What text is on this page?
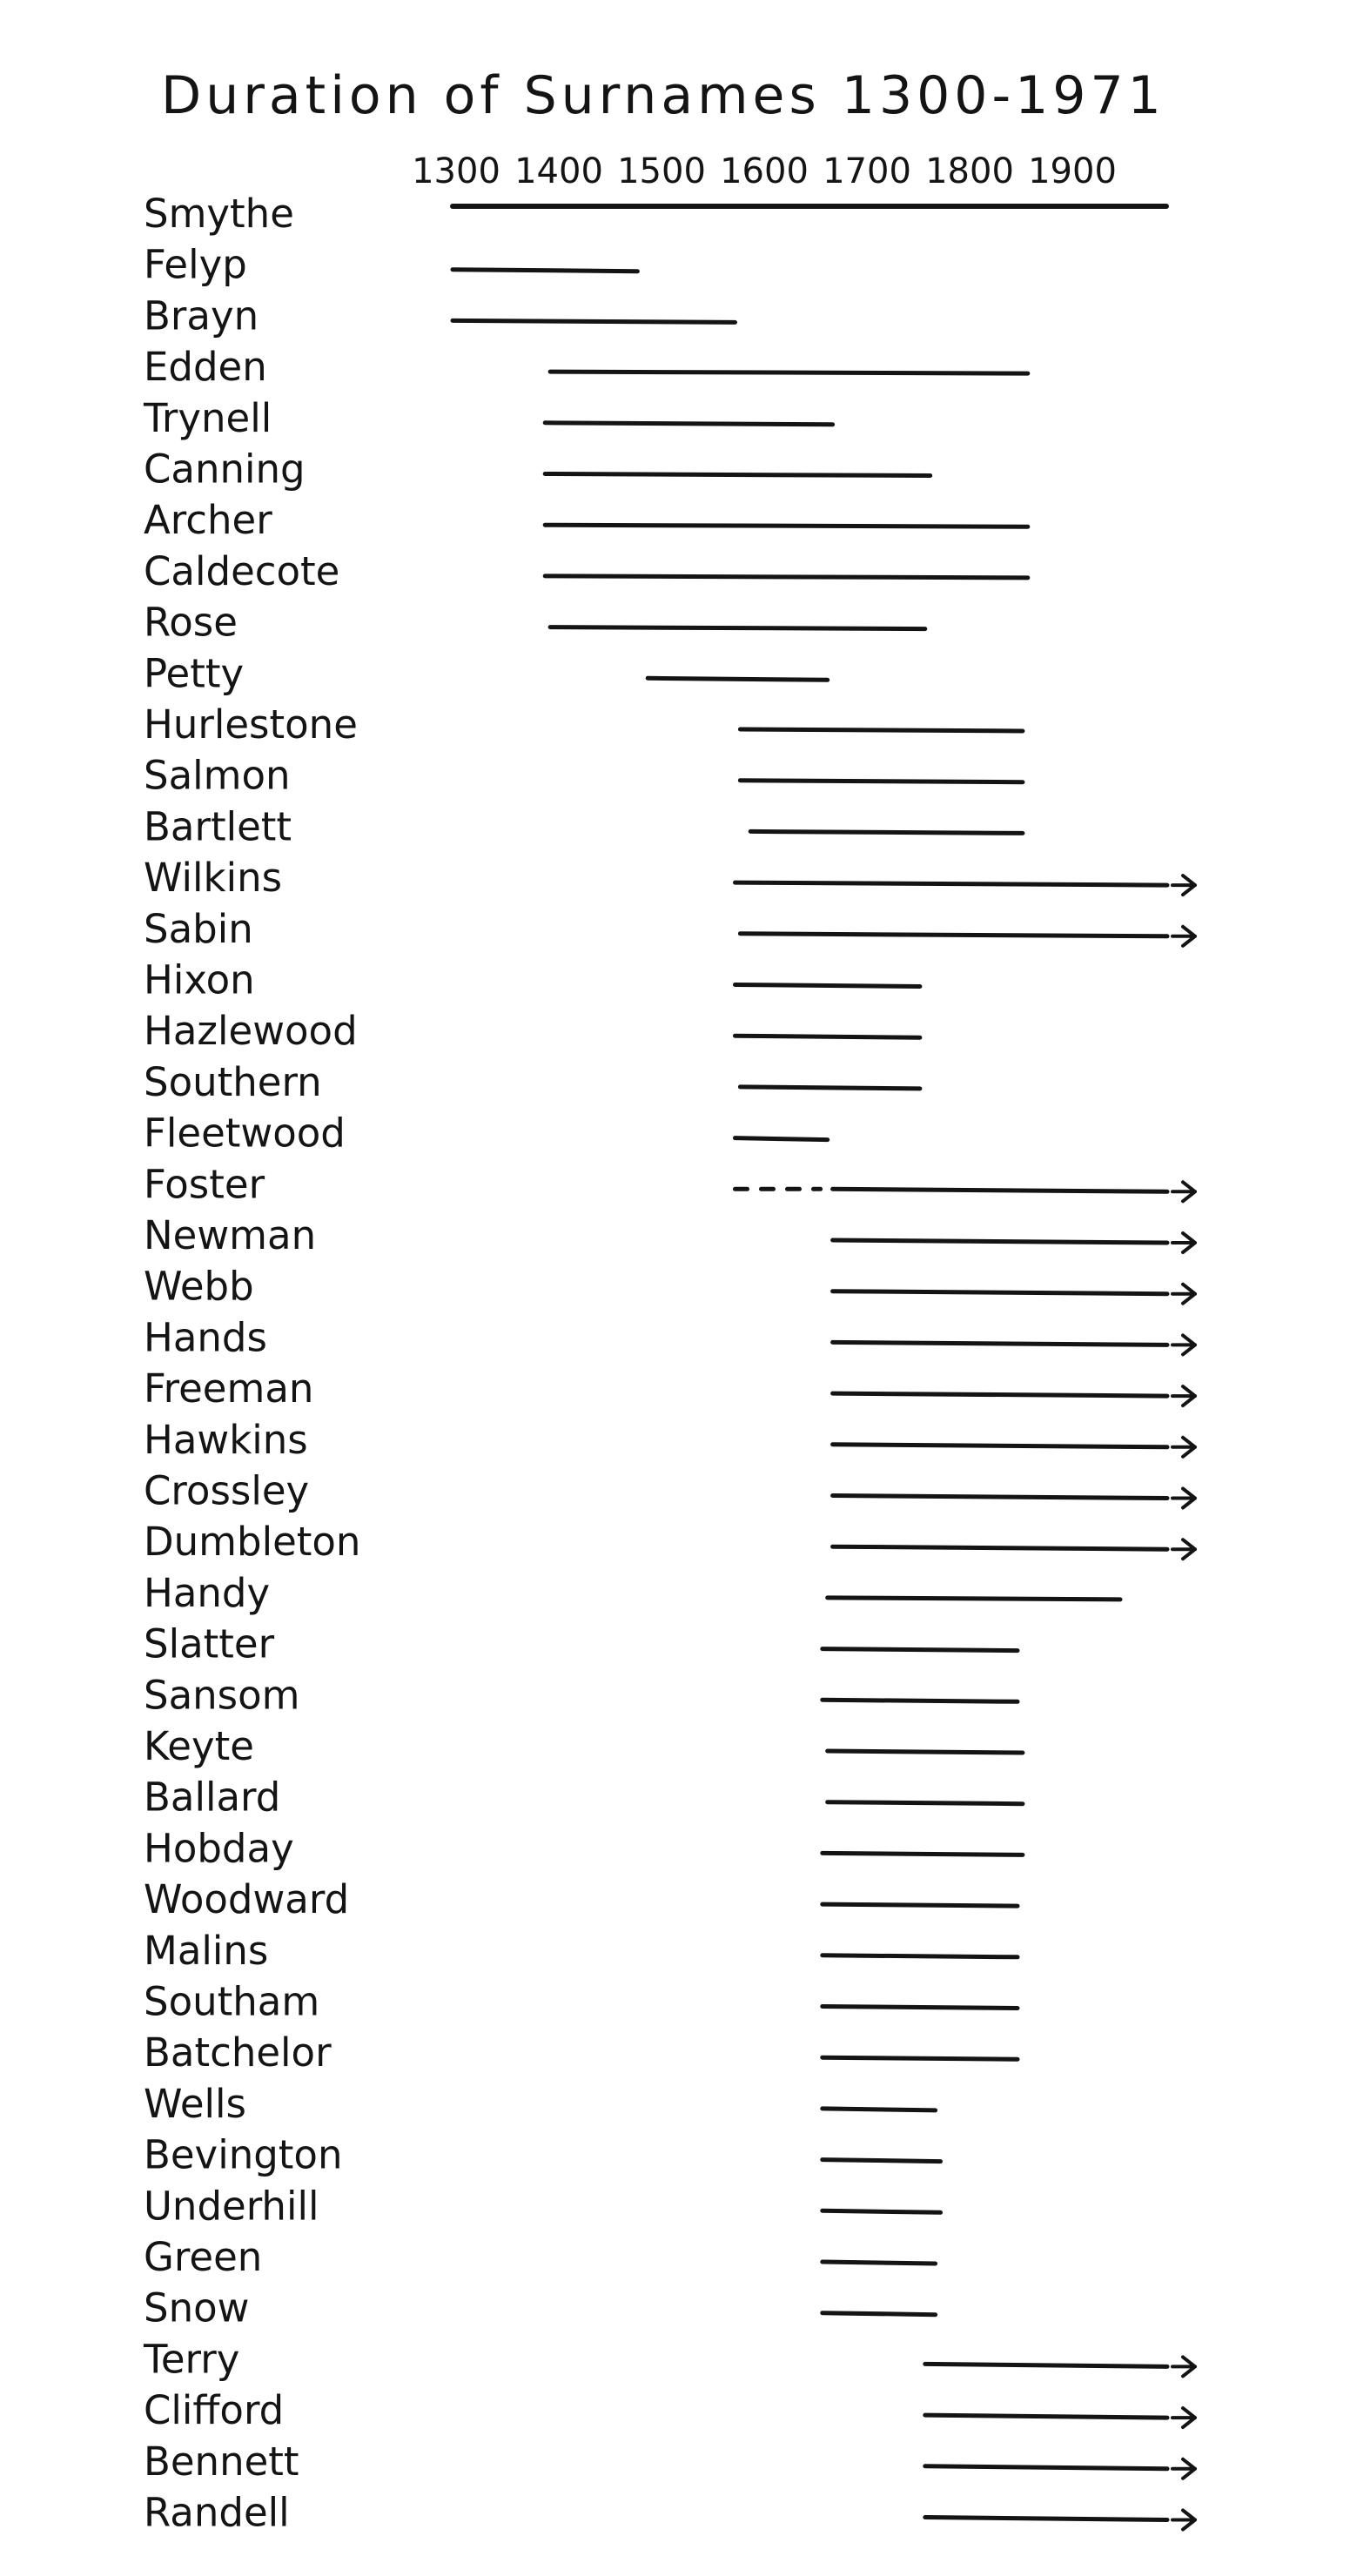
Duration of Surnames 1300-1971
1300 1400 1500 1600 1700 1800 1900
Smythe
Felyp
Brayn
Edden
Trynell
Canning
Archer
Caldecote
Rose
Petty
Hurlestone
Salmon
Bartlett
Wilkins
Sabin
Hixon
Hazlewood
Southern
Fleetwood
Foster
Newman
Webb
Hands
Freeman
Hawkins
Crossley
Dumbleton
Handy
Slatter
Sansom
Keyte
Ballard
Hobday
Woodward
Malins
Southam
Batchelor
Wells
Bevington
Underhill
Green
Snow
Terry
Clifford
Bennett
Randell
